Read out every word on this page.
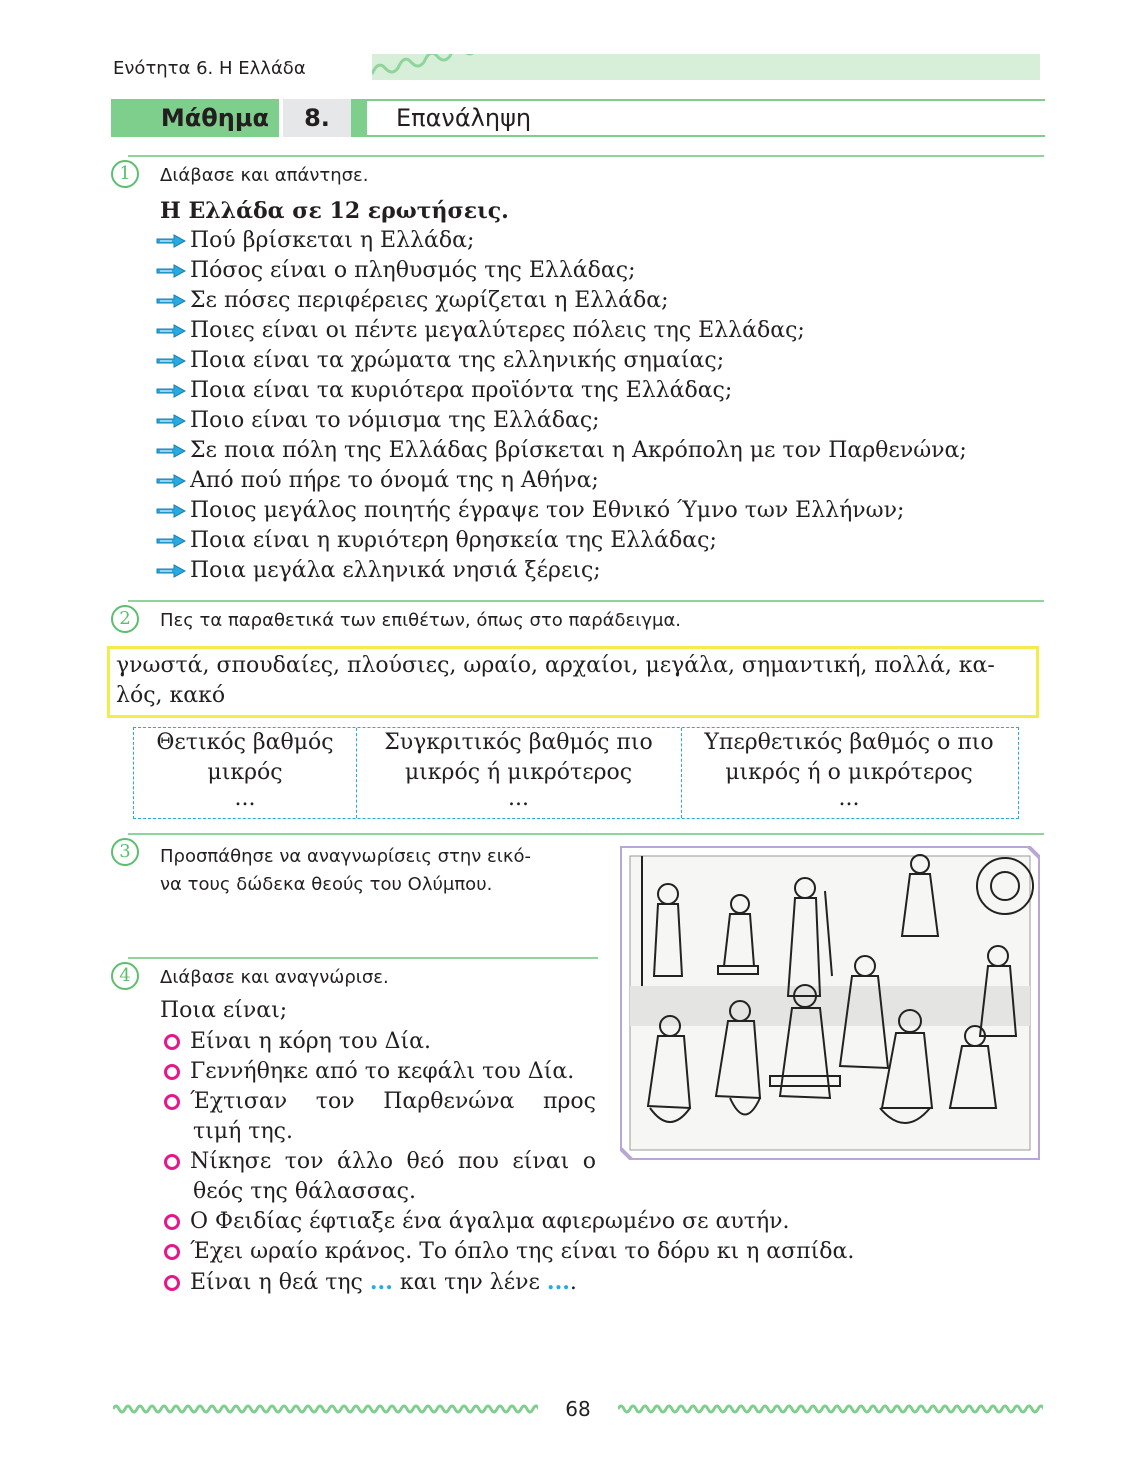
Ενότητα 6. Η Ελλάδα
Μάθημα	8.	Επανάληψη
1	Διάβασε και απάντησε.
Η Ελλάδα σε 12 ερωτήσεις.
Πού βρίσκεται η Ελλάδα;
Πόσος είναι ο πληθυσμός της Ελλάδας;
Σε πόσες περιφέρειες χωρίζεται η Ελλάδα;
Ποιες είναι οι πέντε μεγαλύτερες πόλεις της Ελλάδας;
Ποια είναι τα χρώματα της ελληνικής σημαίας;
Ποια είναι τα κυριότερα προϊόντα της Ελλάδας;
Ποιο είναι το νόμισμα της Ελλάδας;
Σε ποια πόλη της Ελλάδας βρίσκεται η Ακρόπολη με τον Παρθενώνα;
Από πού πήρε το όνομά της η Αθήνα;
Ποιος μεγάλος ποιητής έγραψε τον Εθνικό Ύμνο των Ελλήνων;
Ποια είναι η κυριότερη θρησκεία της Ελλάδας;
Ποια μεγάλα ελληνικά νησιά ξέρεις;
2	Πες τα παραθετικά των επιθέτων, όπως στο παράδειγμα.
γνωστά, σπουδαίες, πλούσιες, ωραίο, αρχαίοι, μεγάλα, σημαντική, πολλά, κα-
λός, κακό
Θετικός βαθμός
μικρός
...
Συγκριτικός βαθμός πιο
μικρός ή μικρότερος
...
Υπερθετικός βαθμός ο πιο
μικρός ή ο μικρότερος
...
3	Προσπάθησε να αναγνωρίσεις στην εικό-
να τους δώδεκα θεούς του Ολύμπου.
4	Διάβασε και αναγνώρισε.
Ποια είναι;
Είναι η κόρη του Δία.
Γεννήθηκε από το κεφάλι του Δία.
Έχτισαν τον Παρθενώνα προς
τιμή της.
Νίκησε τον άλλο θεό που είναι ο
θεός της θάλασσας.
Ο Φειδίας έφτιαξε ένα άγαλμα αφιερωμένο σε αυτήν.
Έχει ωραίο κράνος. Το όπλο της είναι το δόρυ κι η ασπίδα.
Είναι η θεά της ... και την λένε ....
68
